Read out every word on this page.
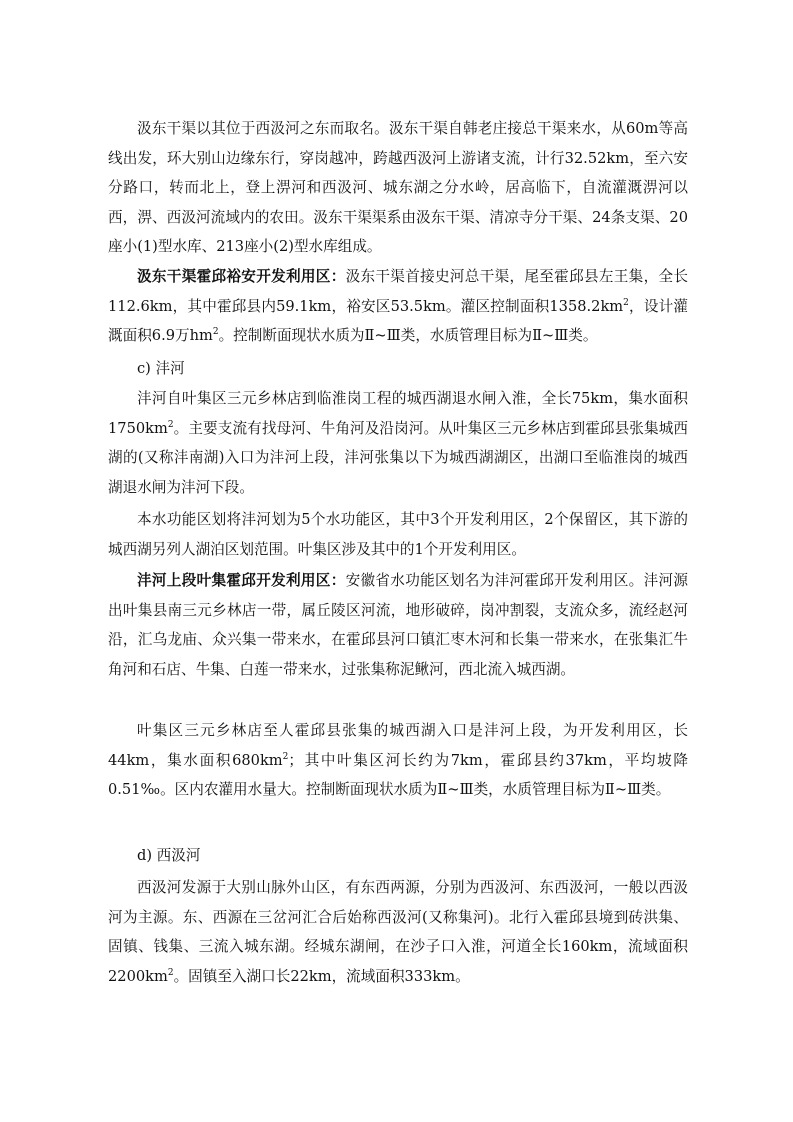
汲东干渠以其位于西汲河之东而取名。汲东干渠自韩老庄接总干渠来水，从60m等高线出发，环大别山边缘东行，穿岗越冲，跨越西汲河上游诸支流，计行32.52km，至六安分路口，转而北上，登上淠河和西汲河、城东湖之分水岭，居高临下，自流灌溉淠河以西，淠、西汲河流域内的农田。汲东干渠渠系由汲东干渠、清凉寺分干渠、24条支渠、20座小(1)型水库、213座小(2)型水库组成。

汲东干渠霍邱裕安开发利用区：汲东干渠首接史河总干渠，尾至霍邱县左王集，全长112.6km，其中霍邱县内59.1km，裕安区53.5km。灌区控制面积$1358.2km^2$，设计灌溉面积6.9万$hm^2$。控制断面现状水质为Ⅱ~Ⅲ类，水质管理目标为Ⅱ~Ⅲ类。

c) 沣河

沣河自叶集区三元乡林店到临淮岗工程的城西湖退水闸入淮，全长75km，集水面积$1750km^2$。主要支流有找母河、牛角河及沿岗河。从叶集区三元乡林店到霍邱县张集城西湖的(又称沣南湖)入口为沣河上段，沣河张集以下为城西湖湖区，出湖口至临淮岗的城西湖退水闸为沣河下段。

本水功能区划将沣河划为5个水功能区，其中3个开发利用区，2个保留区，其下游的城西湖另列人湖泊区划范围。叶集区涉及其中的1个开发利用区。

沣河上段叶集霍邱开发利用区：安徽省水功能区划名为沣河霍邱开发利用区。沣河源出叶集县南三元乡林店一带，属丘陵区河流，地形破碎，岗冲割裂，支流众多，流经赵河沿，汇乌龙庙、众兴集一带来水，在霍邱县河口镇汇枣木河和长集一带来水，在张集汇牛角河和石店、牛集、白莲一带来水，过张集称泥鳅河，西北流入城西湖。

叶集区三元乡林店至人霍邱县张集的城西湖入口是沣河上段，为开发利用区，长44km，集水面积$680km^2$；其中叶集区河长约为7km，霍邱县约37km，平均坡降0.51‰。区内农灌用水量大。控制断面现状水质为Ⅱ~Ⅲ类，水质管理目标为Ⅱ~Ⅲ类。

d) 西汲河

西汲河发源于大别山脉外山区，有东西两源，分别为西汲河、东西汲河，一般以西汲河为主源。东、西源在三岔河汇合后始称西汲河(又称集河)。北行入霍邱县境到砖洪集、固镇、钱集、三流入城东湖。经城东湖闸，在沙子口入淮，河道全长160km，流域面积$2200km^2$。固镇至入湖口长22km，流域面积333km。
